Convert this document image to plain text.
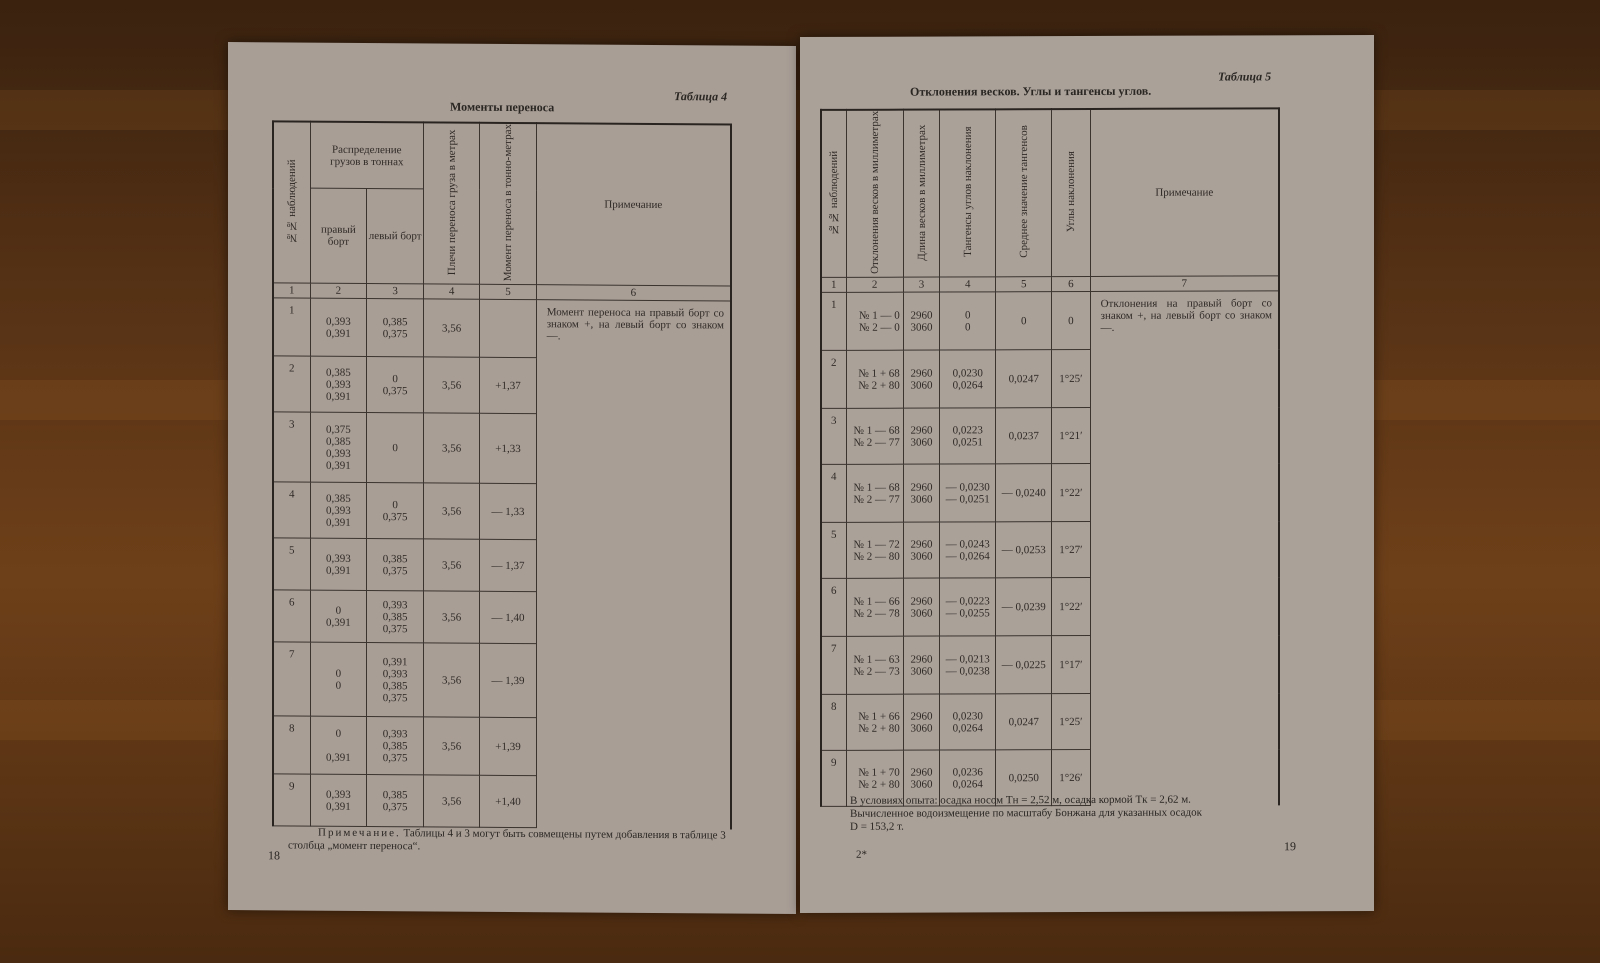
Таблица 4
Моменты переноса
№№ наблюдений	Распределение грузов в тоннах		Плечи переноса груза в метрах	Момент переноса в тонно-метрах	Примечание
	правый борт	левый борт			
1	2	3	4	5	6
1	0,393
0,391	0,385
0,375	3,56		Момент переноса на правый борт со знаком +, на левый борт со знаком —.
2	0,385
0,393
0,391	0
0,375	3,56	+1,37	
3	0,375
0,385
0,393
0,391	0	3,56	+1,33	
4	0,385
0,393
0,391	0
0,375	3,56	— 1,33	
5	0,393
0,391	0,385
0,375	3,56	— 1,37	
6	0
0,391	0,393
0,385
0,375	3,56	— 1,40	
7	0
0	0,391
0,393
0,385
0,375	3,56	— 1,39	
8	0

0,391	0,393
0,385
0,375	3,56	+1,39	
9	0,393
0,391	0,385
0,375	3,56	+1,40	
Примечание. Таблицы 4 и 3 могут быть совмещены путем добавления в таблице 3 столбца „момент переноса“.
18
Таблица 5
Отклонения весков. Углы и тангенсы углов.
№№ наблюдений	Отклонения весков в миллиметрах	Длина весков в миллиметрах	Тангенсы углов наклонения	Среднее значение тангенсов	Углы наклонения	Примечание
1	2	3	4	5	6	7
1	№ 1 — 0
№ 2 — 0	2960
3060	0
0	0	0	Отклонения на правый борт со знаком +, на левый борт со знаком —.
2	№ 1 + 68
№ 2 + 80	2960
3060	0,0230
0,0264	0,0247	1°25′	
3	№ 1 — 68
№ 2 — 77	2960
3060	0,0223
0,0251	0,0237	1°21′	
4	№ 1 — 68
№ 2 — 77	2960
3060	— 0,0230
— 0,0251	— 0,0240	1°22′	
5	№ 1 — 72
№ 2 — 80	2960
3060	— 0,0243
— 0,0264	— 0,0253	1°27′	
6	№ 1 — 66
№ 2 — 78	2960
3060	— 0,0223
— 0,0255	— 0,0239	1°22′	
7	№ 1 — 63
№ 2 — 73	2960
3060	— 0,0213
— 0,0238	— 0,0225	1°17′	
8	№ 1 + 66
№ 2 + 80	2960
3060	0,0230
0,0264	0,0247	1°25′	
9	№ 1 + 70
№ 2 + 80	2960
3060	0,0236
0,0264	0,0250	1°26′	
В условиях опыта: осадка носом Tн = 2,52 м, осадка кормой Tк = 2,62 м.
Вычисленное водоизмещение по масштабу Бонжана для указанных осадок
D = 153,2 т.
2*
19
